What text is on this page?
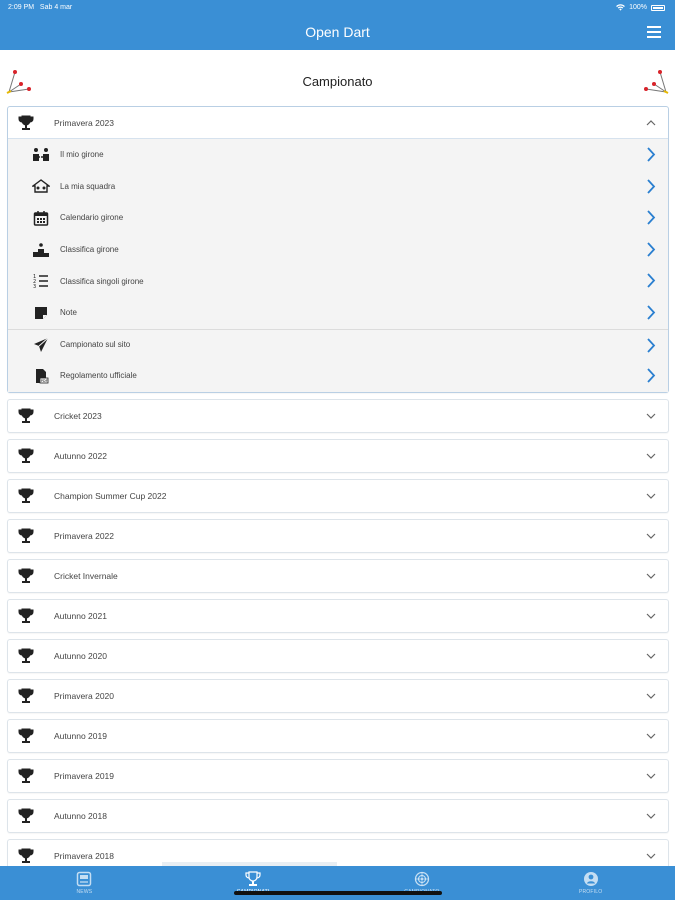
2:09 PM Sab 4 mar	100%
Open Dart
Campionato
Primavera 2023
Il mio girone
La mia squadra
Calendario girone
Classifica girone
1
2
3
Classifica singoli girone
Note
Campionato sul sito
PDF
Regolamento ufficiale
Cricket 2023
Autunno 2022
Champion Summer Cup 2022
Primavera 2022
Cricket Invernale
Autunno 2021
Autunno 2020
Primavera 2020
Autunno 2019
Primavera 2019
Autunno 2018
Primavera 2018
NEWS	PROFILO
